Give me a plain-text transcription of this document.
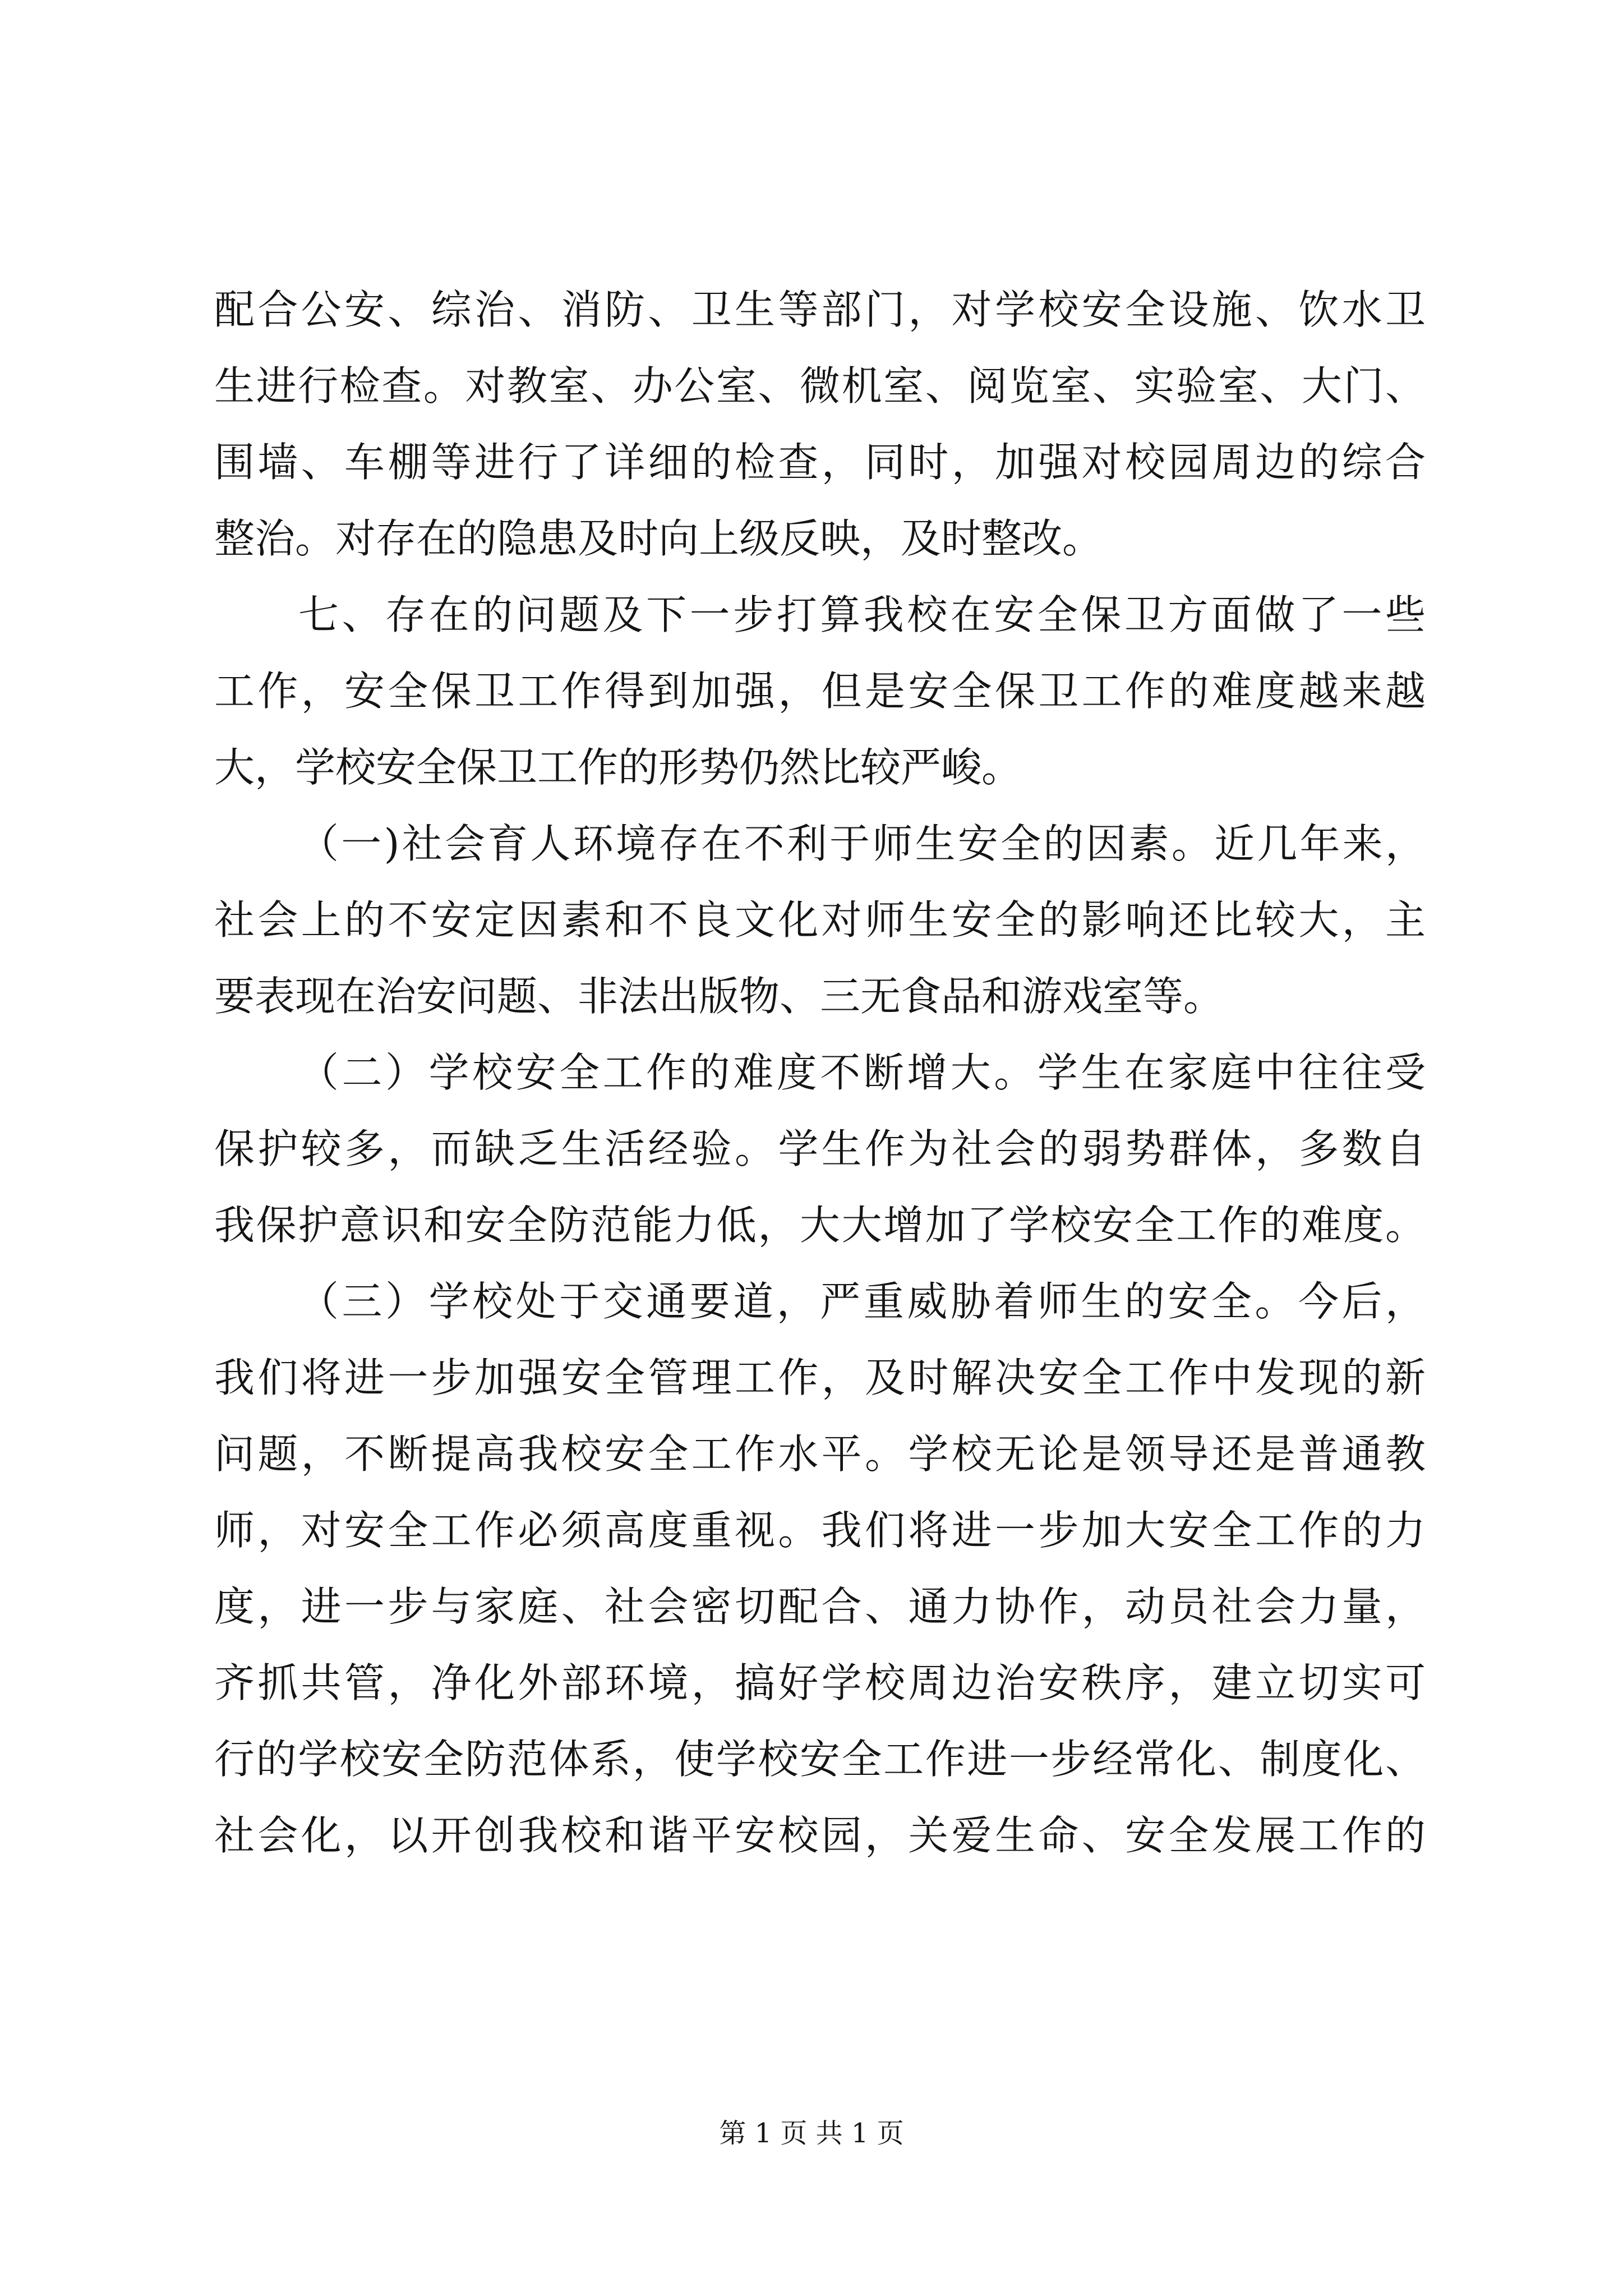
配合公安、综治、消防、卫生等部门，对学校安全设施、饮水卫
生进行检查。对教室、办公室、微机室、阅览室、实验室、大门、
围墙、车棚等进行了详细的检查，同时，加强对校园周边的综合
整治。对存在的隐患及时向上级反映，及时整改。
七、存在的问题及下一步打算我校在安全保卫方面做了一些
工作，安全保卫工作得到加强，但是安全保卫工作的难度越来越
大，学校安全保卫工作的形势仍然比较严峻。
（一)社会育人环境存在不利于师生安全的因素。近几年来，
社会上的不安定因素和不良文化对师生安全的影响还比较大，主
要表现在治安问题、非法出版物、三无食品和游戏室等。
（二）学校安全工作的难度不断增大。学生在家庭中往往受
保护较多，而缺乏生活经验。学生作为社会的弱势群体，多数自
我保护意识和安全防范能力低，大大增加了学校安全工作的难度。
（三）学校处于交通要道，严重威胁着师生的安全。今后，
我们将进一步加强安全管理工作，及时解决安全工作中发现的新
问题，不断提高我校安全工作水平。学校无论是领导还是普通教
师，对安全工作必须高度重视。我们将进一步加大安全工作的力
度，进一步与家庭、社会密切配合、通力协作，动员社会力量，
齐抓共管，净化外部环境，搞好学校周边治安秩序，建立切实可
行的学校安全防范体系，使学校安全工作进一步经常化、制度化、
社会化，以开创我校和谐平安校园，关爱生命、安全发展工作的
第 1 页 共 1 页
